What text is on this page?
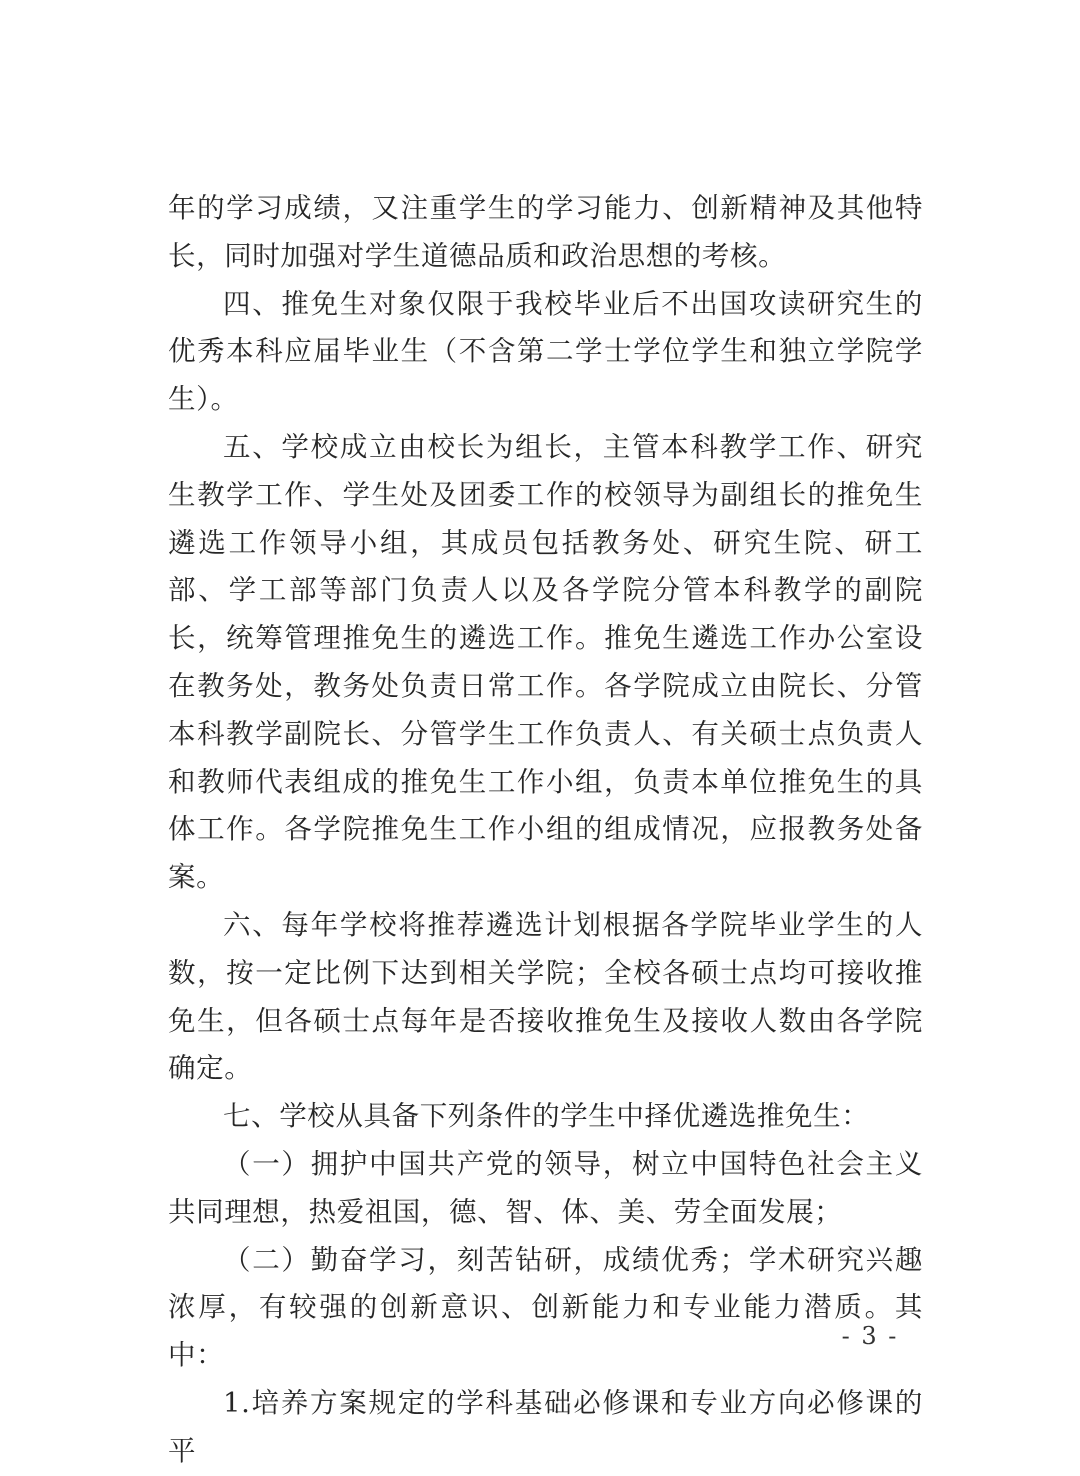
年的学习成绩，又注重学生的学习能力、创新精神及其他特长，同时加强对学生道德品质和政治思想的考核。

四、推免生对象仅限于我校毕业后不出国攻读研究生的优秀本科应届毕业生（不含第二学士学位学生和独立学院学生）。

五、学校成立由校长为组长，主管本科教学工作、研究生教学工作、学生处及团委工作的校领导为副组长的推免生遴选工作领导小组，其成员包括教务处、研究生院、研工部、学工部等部门负责人以及各学院分管本科教学的副院长，统筹管理推免生的遴选工作。推免生遴选工作办公室设在教务处，教务处负责日常工作。各学院成立由院长、分管本科教学副院长、分管学生工作负责人、有关硕士点负责人和教师代表组成的推免生工作小组，负责本单位推免生的具体工作。各学院推免生工作小组的组成情况，应报教务处备案。

六、每年学校将推荐遴选计划根据各学院毕业学生的人数，按一定比例下达到相关学院；全校各硕士点均可接收推免生，但各硕士点每年是否接收推免生及接收人数由各学院确定。

七、学校从具备下列条件的学生中择优遴选推免生：

（一）拥护中国共产党的领导，树立中国特色社会主义共同理想，热爱祖国，德、智、体、美、劳全面发展；

（二）勤奋学习，刻苦钻研，成绩优秀；学术研究兴趣浓厚，有较强的创新意识、创新能力和专业能力潜质。其中：

1.培养方案规定的学科基础必修课和专业方向必修课的平

- 3 -
